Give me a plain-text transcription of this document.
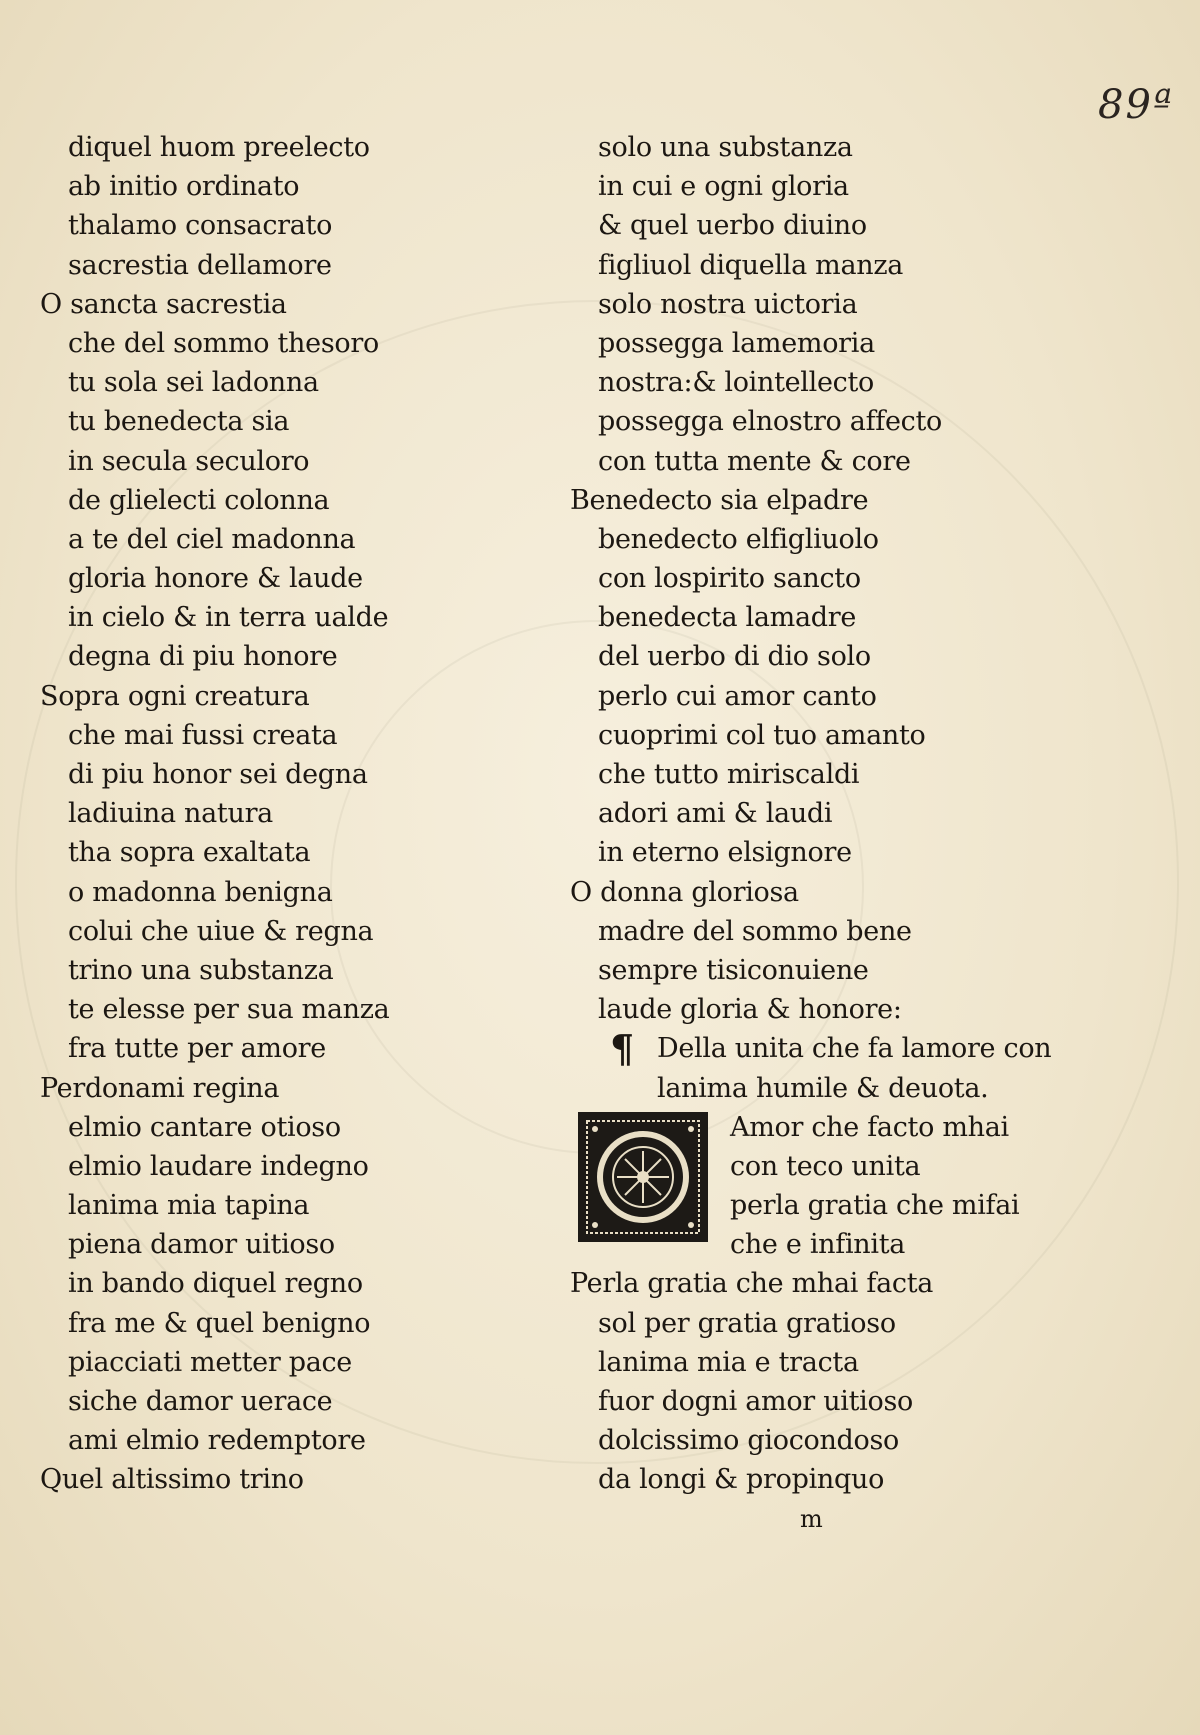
89ª
diquel huom preelecto
ab initio ordinato
thalamo consacrato
sacrestia dellamore
O sancta sacrestia
che del sommo thesoro
tu sola sei ladonna
tu benedecta sia
in secula seculoro
de glielecti colonna
a te del ciel madonna
gloria honore & laude
in cielo & in terra ualde
degna di piu honore
Sopra ogni creatura
che mai fussi creata
di piu honor sei degna
ladiuina natura
tha sopra exaltata
o madonna benigna
colui che uiue & regna
trino una substanza
te elesse per sua manza
fra tutte per amore
Perdonami regina
elmio cantare otioso
elmio laudare indegno
lanima mia tapina
piena damor uitioso
in bando diquel regno
fra me & quel benigno
piacciati metter pace
siche damor uerace
ami elmio redemptore
Quel altissimo trino
solo una substanza
in cui e ogni gloria
& quel uerbo diuino
figliuol diquella manza
solo nostra uictoria
possegga lamemoria
nostra:& lointellecto
possegga elnostro affecto
con tutta mente & core
Benedecto sia elpadre
benedecto elfigliuolo
con lospirito sancto
benedecta lamadre
del uerbo di dio solo
perlo cui amor canto
cuoprimi col tuo amanto
che tutto miriscaldi
adori ami & laudi
in eterno elsignore
O donna gloriosa
madre del sommo bene
sempre tisiconuiene
laude gloria & honore:
¶ Della unita che fa lamore con
lanima humile & deuota.
Amor che facto mhai
con teco unita
perla gratia che mifai
che e infinita
Perla gratia che mhai facta
sol per gratia gratioso
lanima mia e tracta
fuor dogni amor uitioso
dolcissimo giocondoso
da longi & propinquo
m
